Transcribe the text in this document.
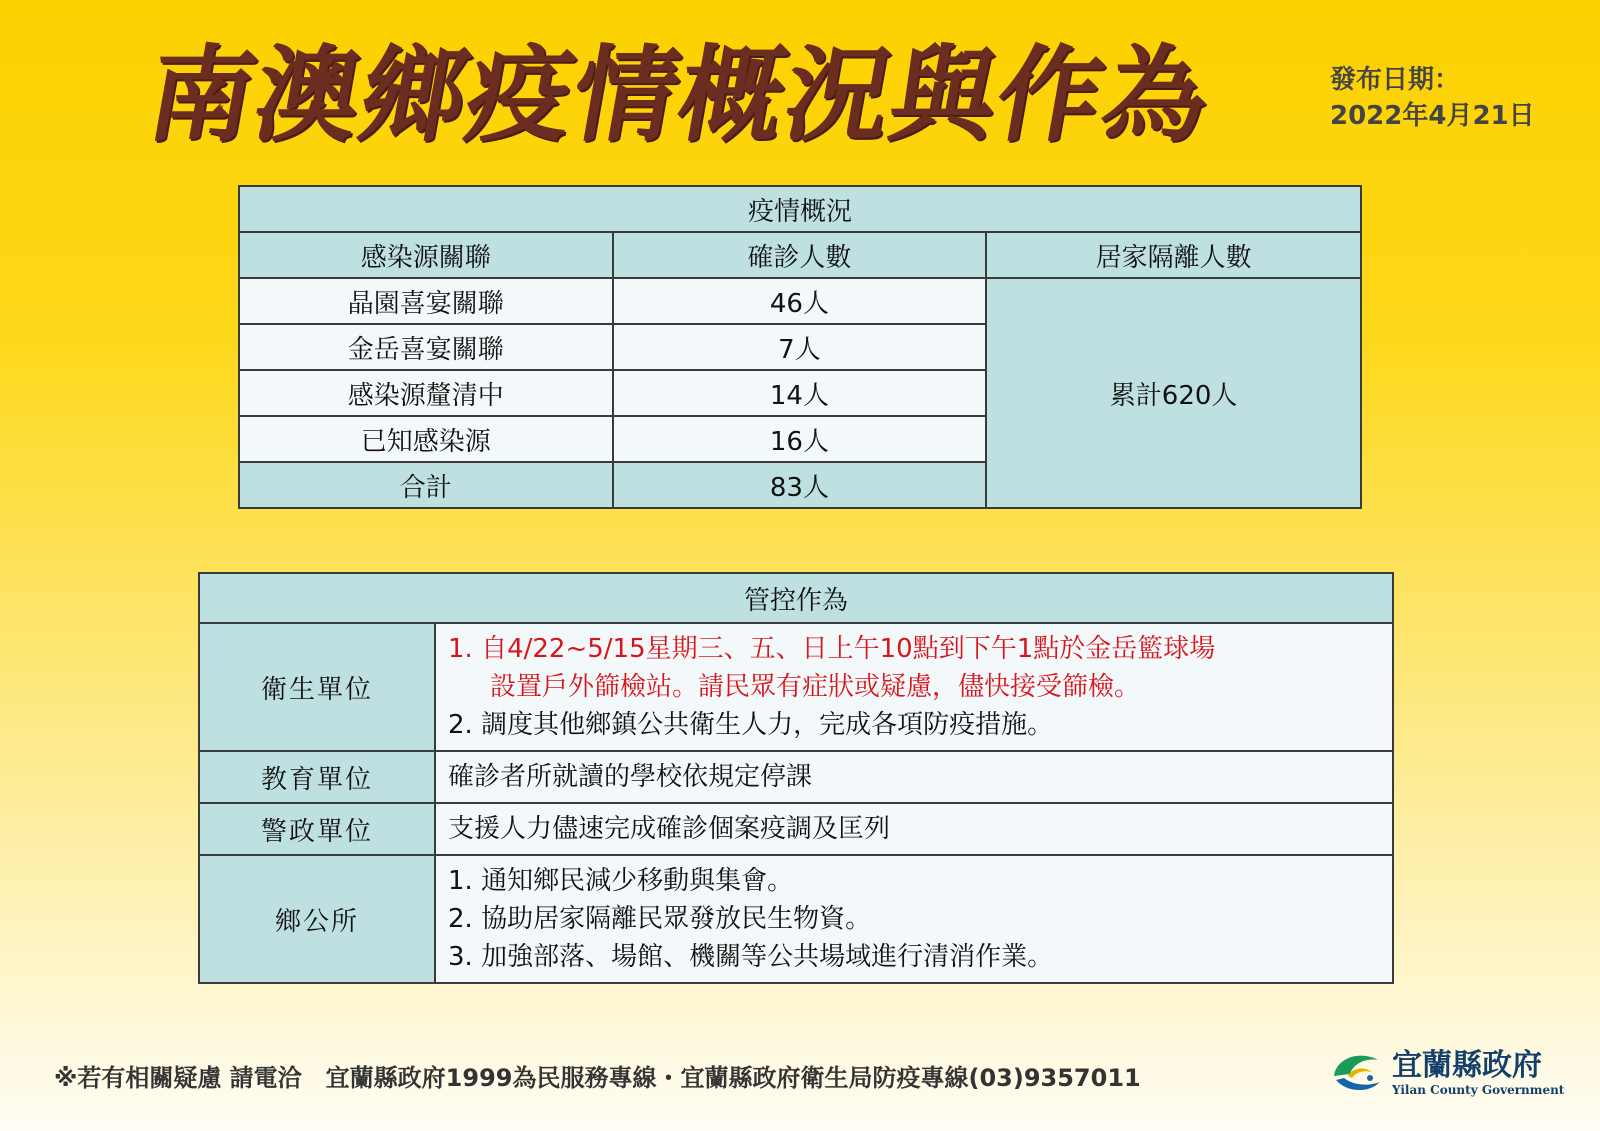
南澳鄉疫情概況與作為	發布日期：
2022年4月21日
疫情概況		
感染源關聯	確診人數	居家隔離人數
晶園喜宴關聯	46人	累計620人
金岳喜宴關聯	7人	
感染源釐清中	14人	
已知感染源	16人	
合計	83人	
管控作為	
衛生單位	1. 自4/22~5/15星期三、五、日上午10點到下午1點於金岳籃球場
設置戶外篩檢站。請民眾有症狀或疑慮，儘快接受篩檢。
2. 調度其他鄉鎮公共衛生人力，完成各項防疫措施。

教育單位	確診者所就讀的學校依規定停課
警政單位	支援人力儘速完成確診個案疫調及匡列
鄉公所	1. 通知鄉民減少移動與集會。
2. 協助居家隔離民眾發放民生物資。
3. 加強部落、場館、機關等公共場域進行清消作業。
※若有相關疑慮 請電洽　宜蘭縣政府1999為民服務專線・宜蘭縣政府衛生局防疫專線(03)9357011	宜蘭縣政府
Yilan County Government
